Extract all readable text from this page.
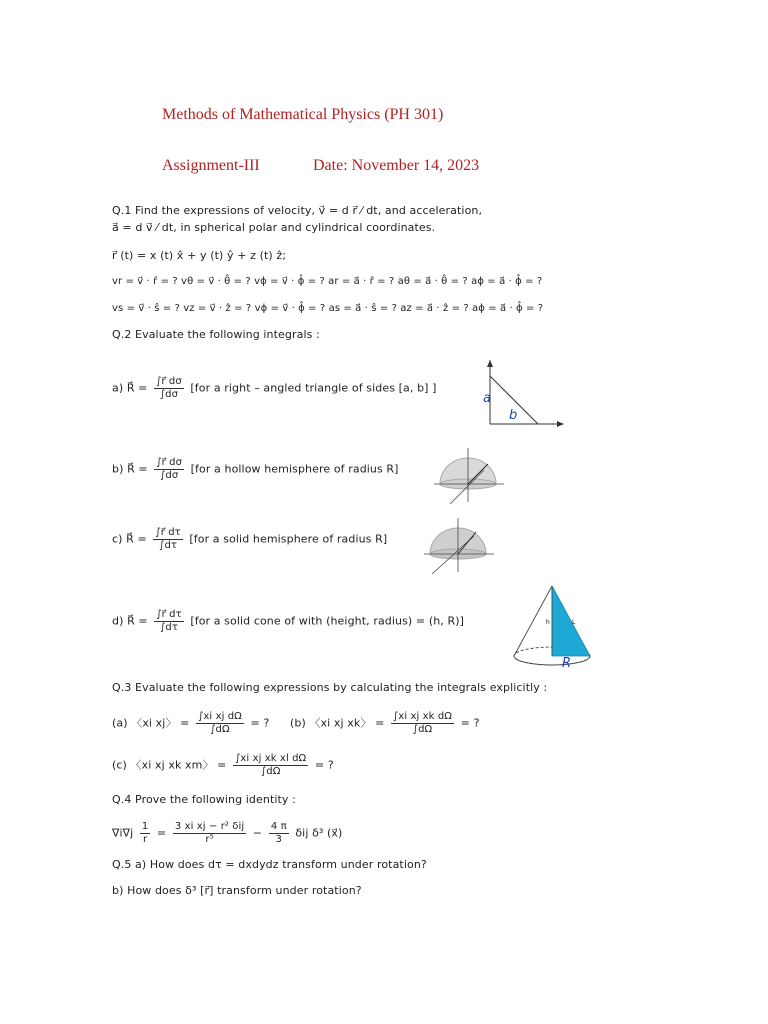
Methods of Mathematical Physics (PH 301)
Assignment-III	Date: November 14, 2023
Q.1 Find the expressions of velocity, v⃗ = d r⃗ ⁄ dt, and acceleration,
a⃗ = d v⃗ ⁄ dt, in spherical polar and cylindrical coordinates.
r⃗ (t) = x (t) x̂ + y (t) ŷ + z (t) ẑ;
vr = v⃗ · r̂ = ? vθ = v⃗ · θ̂ = ? vϕ = v⃗ · ϕ̂ = ? ar = a⃗ · r̂ = ? aθ = a⃗ · θ̂ = ? aϕ = a⃗ · ϕ̂ = ?
vs = v⃗ · ŝ = ? vz = v⃗ · ẑ = ? vϕ = v⃗ · ϕ̂ = ? as = a⃗ · ŝ = ? az = a⃗ · ẑ = ? aϕ = a⃗ · ϕ̂ = ?
Q.2 Evaluate the following integrals :
a) R⃗ = $\frac{\int r⃗ d\sigma}{\int d\sigma} [for$ a right – angled triangle of sides [a, b] ]
a
b
b) R⃗ = $\frac{\int r⃗ d\sigma}{\int d\sigma} [for$ a hollow hemisphere of radius R]
c) R⃗ = $\frac{\int r⃗ d\tau}{\int d\tau} [for$ a solid hemisphere of radius R]
d) R⃗ = $\frac{\int r⃗ d\tau}{\int d\tau} [for$ a solid cone of with (height, radius) = (h, R)]	h	L
R
Q.3 Evaluate the following expressions by calculating the integrals explicitly :
(a) 〈xi xj〉 = $\frac{\text{∫xi xj dΩ}}{\int d\Omega}$ = ? (b) 〈xi xj xk〉 = $\frac{\text{∫xi xj xk dΩ}}{\int d\Omega}$ = ?
(c) 〈xi xj xk xm〉 = $\frac{\text{∫xi xj xk xl dΩ}}{\int d\Omega}$ = ?
Q.4 Prove the following identity :
$\nabla i\nabla j \frac{1}{r} = \frac{\text{3 xi xj − r² δij}}{\text{r⁵}} - \frac{4 \pi}{3}$ δij δ³ (x⃗)
Q.5 a) How does dτ = dxdydz transform under rotation?
b) How does δ³ [r⃗] transform under rotation?
